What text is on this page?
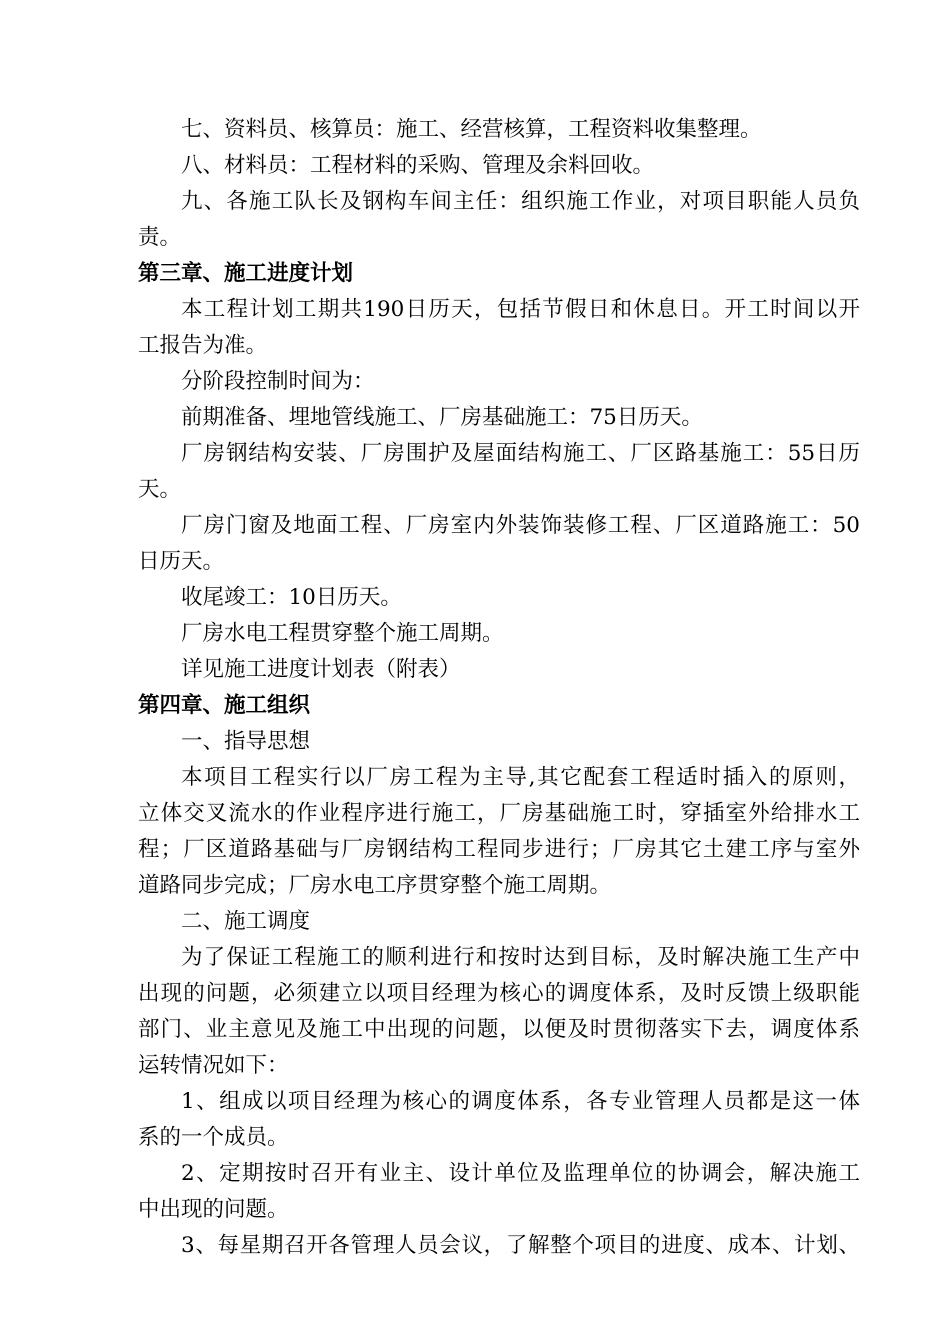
七、资料员、核算员：施工、经营核算，工程资料收集整理。
八、材料员：工程材料的采购、管理及余料回收。
九、各施工队长及钢构车间主任：组织施工作业，对项目职能人员负
责。
第三章、施工进度计划
本工程计划工期共190日历天，包括节假日和休息日。开工时间以开
工报告为准。
分阶段控制时间为：
前期准备、埋地管线施工、厂房基础施工：75日历天。
厂房钢结构安装、厂房围护及屋面结构施工、厂区路基施工：55日历
天。
厂房门窗及地面工程、厂房室内外装饰装修工程、厂区道路施工：50
日历天。
收尾竣工：10日历天。
厂房水电工程贯穿整个施工周期。
详见施工进度计划表（附表）
第四章、施工组织
一、指导思想
本项目工程实行以厂房工程为主导,其它配套工程适时插入的原则，
立体交叉流水的作业程序进行施工，厂房基础施工时，穿插室外给排水工
程；厂区道路基础与厂房钢结构工程同步进行；厂房其它土建工序与室外
道路同步完成；厂房水电工序贯穿整个施工周期。
二、施工调度
为了保证工程施工的顺利进行和按时达到目标，及时解决施工生产中
出现的问题，必须建立以项目经理为核心的调度体系，及时反馈上级职能
部门、业主意见及施工中出现的问题，以便及时贯彻落实下去，调度体系
运转情况如下：
1、组成以项目经理为核心的调度体系，各专业管理人员都是这一体
系的一个成员。
2、定期按时召开有业主、设计单位及监理单位的协调会，解决施工
中出现的问题。
3、每星期召开各管理人员会议，了解整个项目的进度、成本、计划、
